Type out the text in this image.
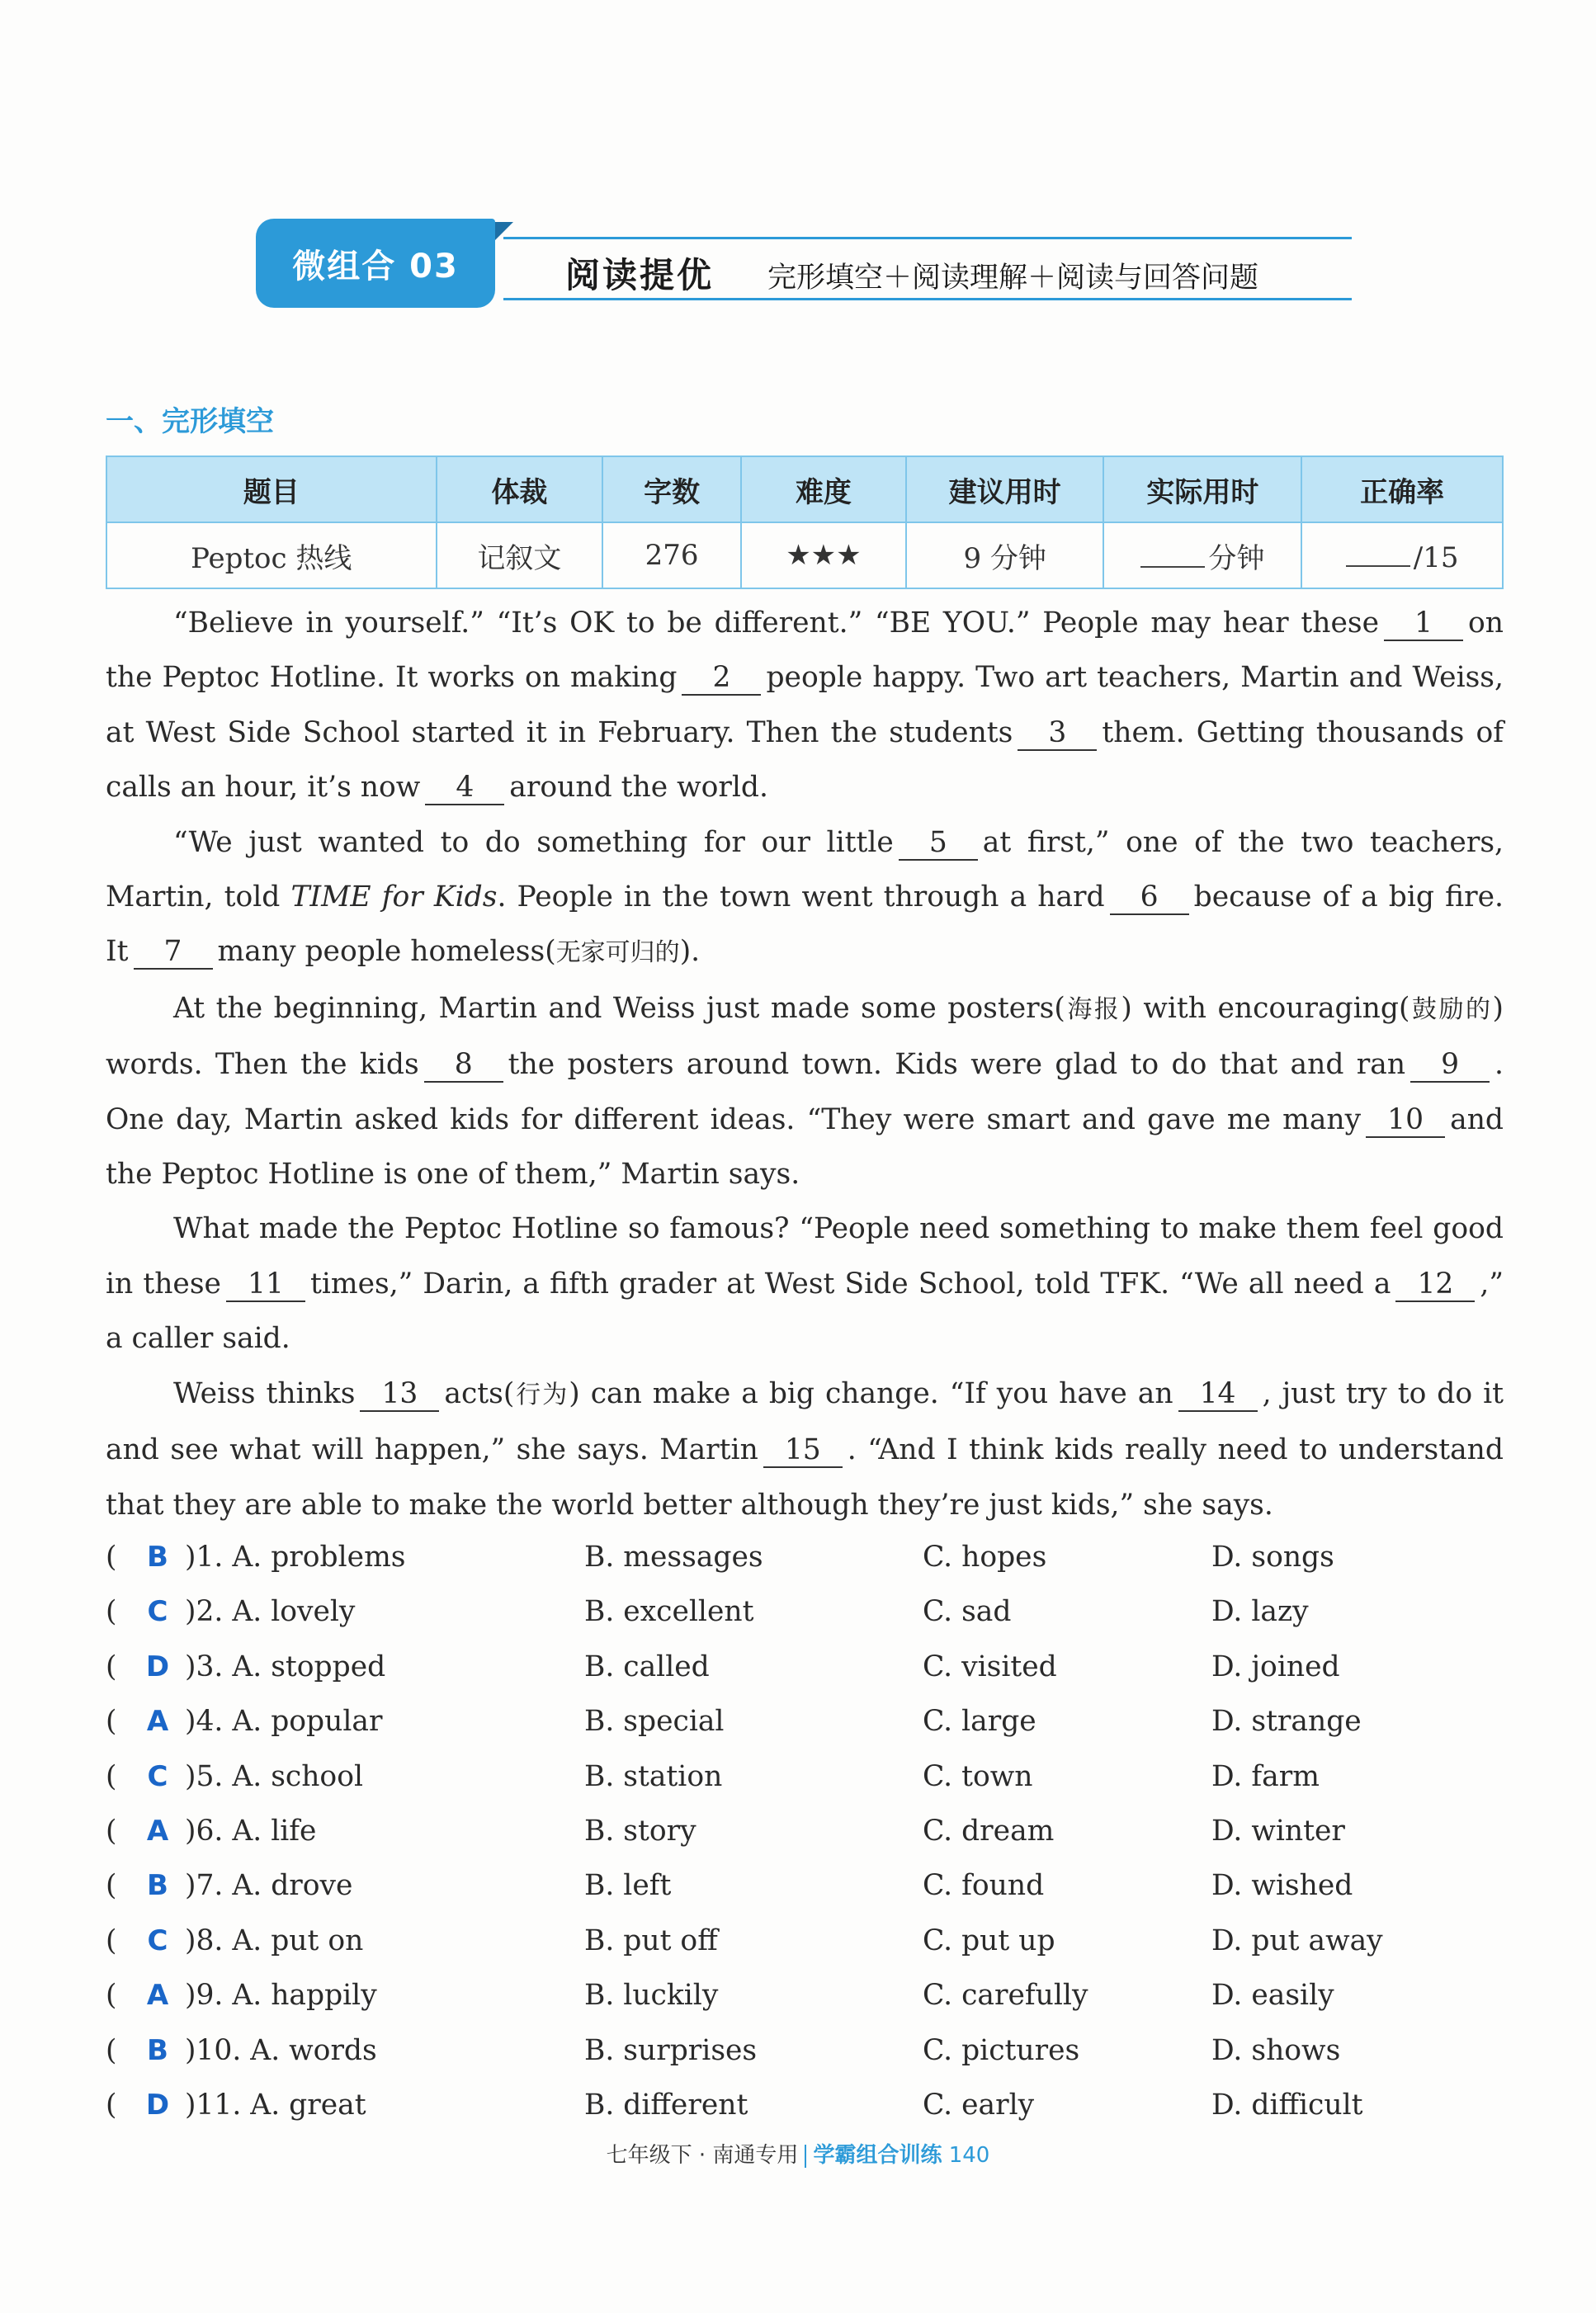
微组合 03	阅读提优 完形填空＋阅读理解＋阅读与回答问题
一、完形填空
题目	体裁	字数	难度	建议用时	实际用时	正确率
Peptoc 热线	记叙文	276	★★★	9 分钟	分钟	/15

“Believe in yourself.” “It’s OK to be different.” “BE YOU.” People may hear these 1 on the Peptoc Hotline. It works on making 2 people happy. Two art teachers, Martin and Weiss, at West Side School started it in February. Then the students 3 them. Getting thousands of calls an hour, it’s now 4 around the world.

“We just wanted to do something for our little 5 at first,” one of the two teachers, Martin, told TIME for Kids. People in the town went through a hard 6 because of a big fire. It 7 many people homeless(无家可归的).

At the beginning, Martin and Weiss just made some posters(海报) with encouraging(鼓励的) words. Then the kids 8 the posters around town. Kids were glad to do that and ran 9 . One day, Martin asked kids for different ideas. “They were smart and gave me many 10 and the Peptoc Hotline is one of them,” Martin says.

What made the Peptoc Hotline so famous? “People need something to make them feel good in these 11 times,” Darin, a fifth grader at West Side School, told TFK. “We all need a 12 ,” a caller said.

Weiss thinks 13 acts(行为) can make a big change. “If you have an 14 , just try to do it and see what will happen,” she says. Martin 15 . “And I think kids really need to understand that they are able to make the world better although they’re just kids,” she says.

( B )1. A. problems	B. messages	C. hopes	D. songs
(	C )2. A. lovely	B. excellent	C. sad	D. lazy
( D )3. A. stopped	B. called	C. visited	D. joined
( A )4. A. popular	B. special	C. large	D. strange
(	C )5. A. school	B. station	C. town	D. farm
( A )6. A. life	B. story	C. dream	D. winter
( B )7. A. drove	B. left	C. found	D. wished
(	C )8. A. put on	B. put off	C. put up	D. put away
( A )9. A. happily	B. luckily	C. carefully	D. easily
( B )10. A. words	B. surprises	C. pictures	D. shows
( D )11. A. great	B. different	C. early	D. difficult
七年级下 · 南通专用 学霸组合训练 140
